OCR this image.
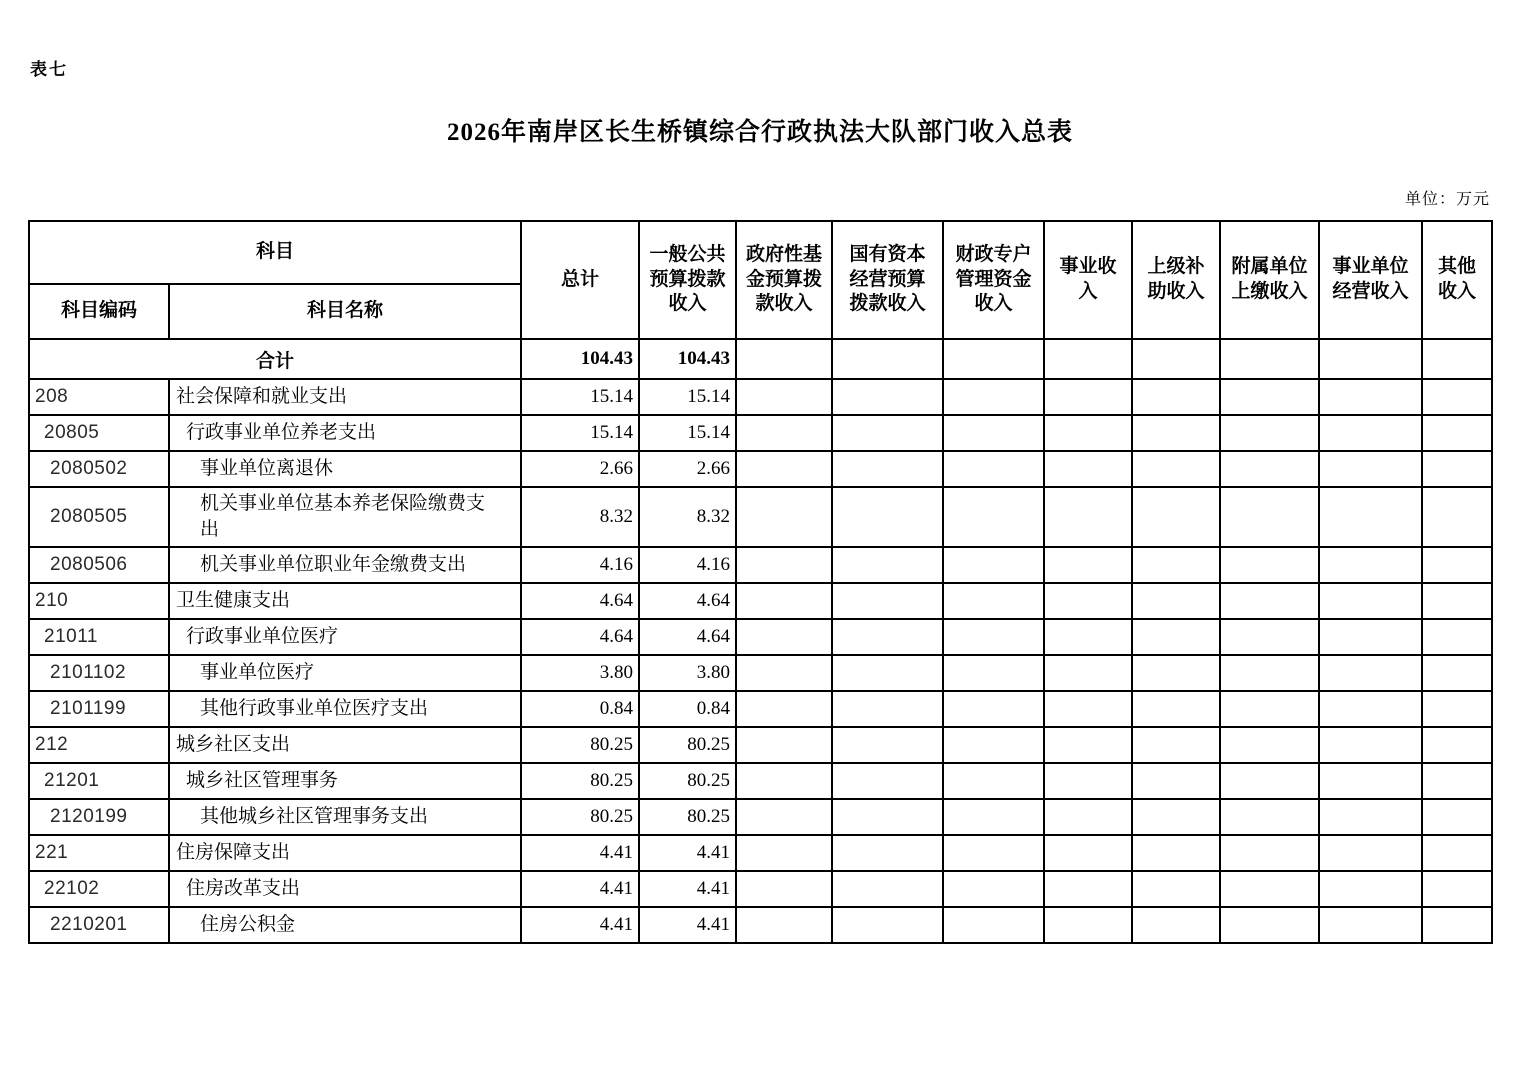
表七
2026年南岸区长生桥镇综合行政执法大队部门收入总表
单位：万元
科目		总计	一般公共预算拨款收入	政府性基金预算拨款收入	国有资本经营预算拨款收入	财政专户管理资金收入	事业收入	上级补助收入	附属单位上缴收入	事业单位经营收入	其他收入
科目编码	科目名称										
合计		104.43	104.43								
208	社会保障和就业支出	15.14	15.14								
20805	行政事业单位养老支出	15.14	15.14								
2080502	事业单位离退休	2.66	2.66								
2080505	机关事业单位基本养老保险缴费支出	8.32	8.32								
2080506	机关事业单位职业年金缴费支出	4.16	4.16								
210	卫生健康支出	4.64	4.64								
21011	行政事业单位医疗	4.64	4.64								
2101102	事业单位医疗	3.80	3.80								
2101199	其他行政事业单位医疗支出	0.84	0.84								
212	城乡社区支出	80.25	80.25								
21201	城乡社区管理事务	80.25	80.25								
2120199	其他城乡社区管理事务支出	80.25	80.25								
221	住房保障支出	4.41	4.41								
22102	住房改革支出	4.41	4.41								
2210201	住房公积金	4.41	4.41								
